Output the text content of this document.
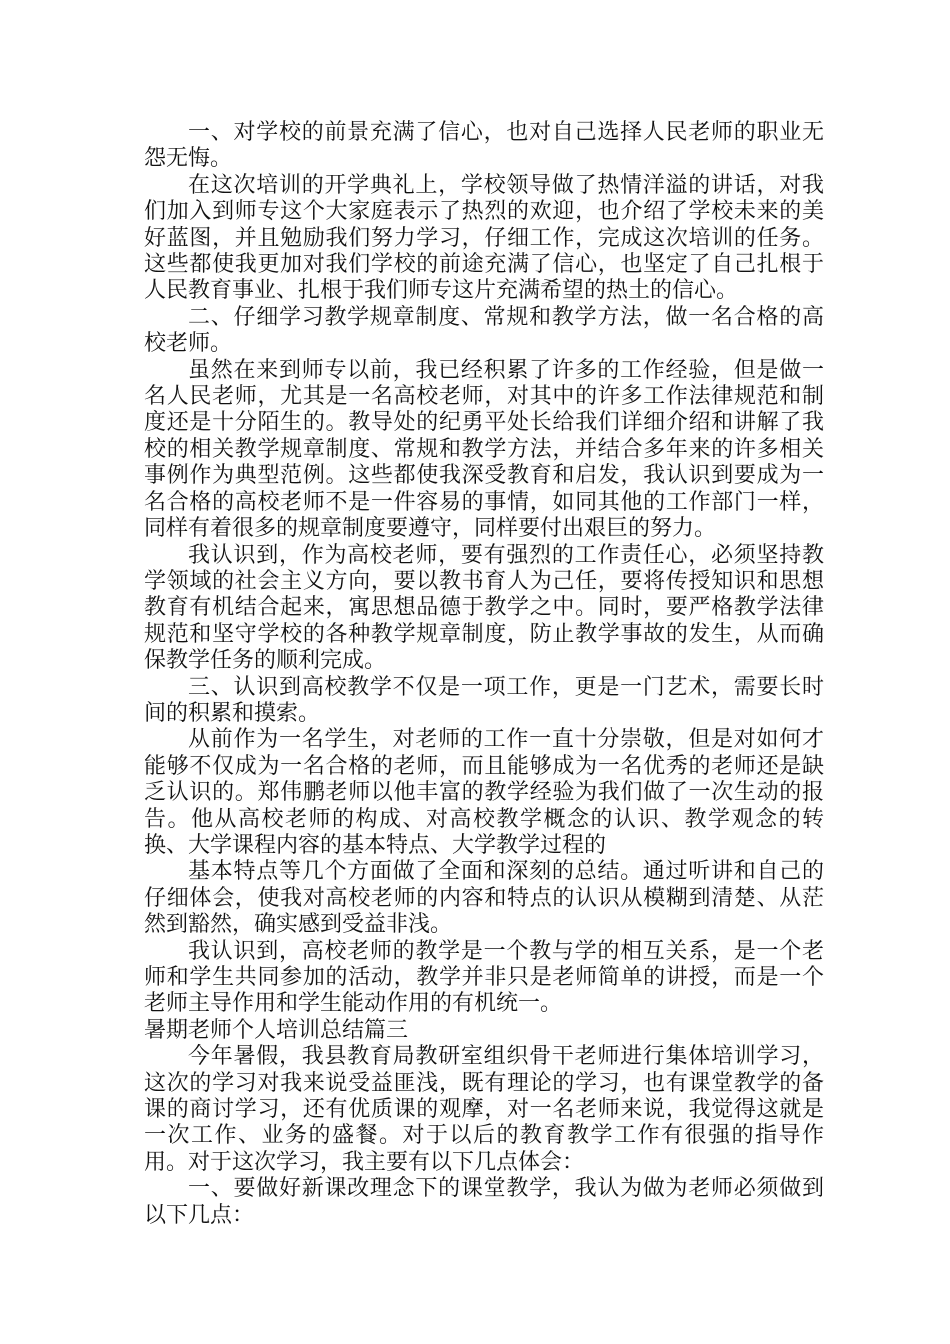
一、对学校的前景充满了信心，也对自己选择人民老师的职业无怨无悔。

在这次培训的开学典礼上，学校领导做了热情洋溢的讲话，对我们加入到师专这个大家庭表示了热烈的欢迎，也介绍了学校未来的美好蓝图，并且勉励我们努力学习，仔细工作，完成这次培训的任务。这些都使我更加对我们学校的前途充满了信心，也坚定了自己扎根于人民教育事业、扎根于我们师专这片充满希望的热土的信心。

二、仔细学习教学规章制度、常规和教学方法，做一名合格的高校老师。

虽然在来到师专以前，我已经积累了许多的工作经验，但是做一名人民老师，尤其是一名高校老师，对其中的许多工作法律规范和制度还是十分陌生的。教导处的纪勇平处长给我们详细介绍和讲解了我校的相关教学规章制度、常规和教学方法，并结合多年来的许多相关事例作为典型范例。这些都使我深受教育和启发，我认识到要成为一名合格的高校老师不是一件容易的事情，如同其他的工作部门一样，同样有着很多的规章制度要遵守，同样要付出艰巨的努力。

我认识到，作为高校老师，要有强烈的工作责任心，必须坚持教学领域的社会主义方向，要以教书育人为己任，要将传授知识和思想教育有机结合起来，寓思想品德于教学之中。同时，要严格教学法律规范和坚守学校的各种教学规章制度，防止教学事故的发生，从而确保教学任务的顺利完成。

三、认识到高校教学不仅是一项工作，更是一门艺术，需要长时间的积累和摸索。

从前作为一名学生，对老师的工作一直十分崇敬，但是对如何才能够不仅成为一名合格的老师，而且能够成为一名优秀的老师还是缺乏认识的。郑伟鹏老师以他丰富的教学经验为我们做了一次生动的报告。他从高校老师的构成、对高校教学概念的认识、教学观念的转换、大学课程内容的基本特点、大学教学过程的

基本特点等几个方面做了全面和深刻的总结。通过听讲和自己的仔细体会，使我对高校老师的内容和特点的认识从模糊到清楚、从茫然到豁然，确实感到受益非浅。

我认识到，高校老师的教学是一个教与学的相互关系，是一个老师和学生共同参加的活动，教学并非只是老师简单的讲授，而是一个老师主导作用和学生能动作用的有机统一。

暑期老师个人培训总结篇三

今年暑假，我县教育局教研室组织骨干老师进行集体培训学习，这次的学习对我来说受益匪浅，既有理论的学习，也有课堂教学的备课的商讨学习，还有优质课的观摩，对一名老师来说，我觉得这就是一次工作、业务的盛餐。对于以后的教育教学工作有很强的指导作用。对于这次学习，我主要有以下几点体会：

一、要做好新课改理念下的课堂教学，我认为做为老师必须做到以下几点：
